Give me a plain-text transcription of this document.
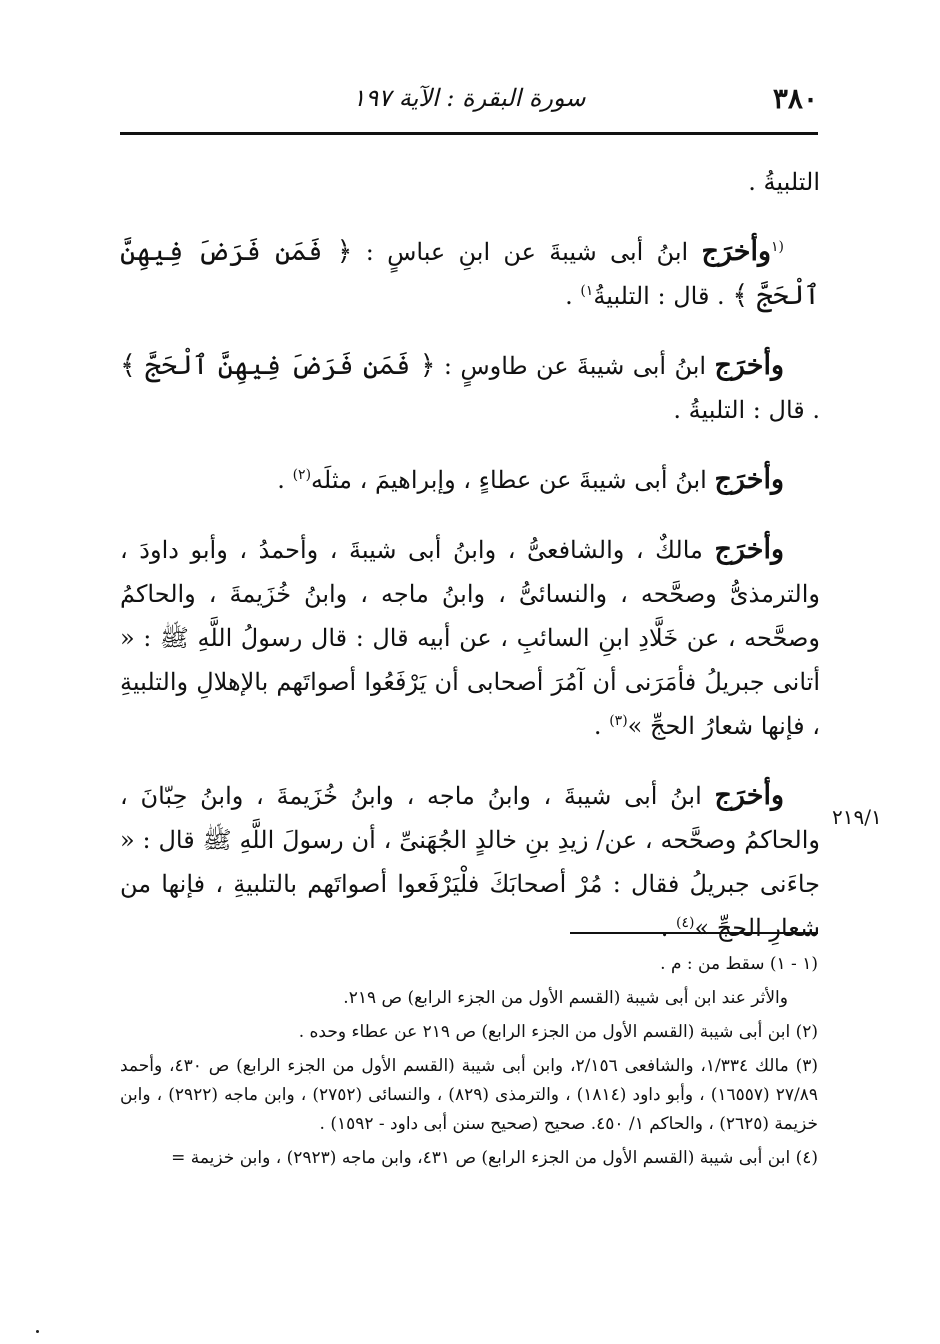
٣٨٠
سورة البقرة : الآية ١٩٧

التلبيةُ .

$^{(١}$وأخرَج ابنُ أبى شيبةَ عن ابنِ عباسٍ : ﴿ فَمَن فَرَضَ فِيهِنَّ ٱلْحَجَّ ﴾ . قال : التلبيةُ$^{١)}$ .

وأخرَج ابنُ أبى شيبةَ عن طاوسٍ : ﴿ فَمَن فَرَضَ فِيهِنَّ ٱلْحَجَّ ﴾ . قال : التلبيةُ .

وأخرَج ابنُ أبى شيبةَ عن عطاءٍ ، وإبراهيمَ ، مثلَه$^{(٢)}$ .

وأخرَج مالكٌ ، والشافعىُّ ، وابنُ أبى شيبةَ ، وأحمدُ ، وأبو داودَ ، والترمذىُّ وصحَّحه ، والنسائىُّ ، وابنُ ماجه ، وابنُ خُزَيمةَ ، والحاكمُ وصحَّحه ، عن خَلَّادِ ابنِ السائبِ ، عن أبيه قال : قال رسولُ اللَّهِ ﷺ : « أتانى جبريلُ فأمَرَنى أن آمُرَ أصحابى أن يَرْفَعُوا أصواتَهم بالإهلالِ والتلبيةِ ، فإنها شعارُ الحجِّ »$^{(٣)}$ .

وأخرَج ابنُ أبى شيبةَ ، وابنُ ماجه ، وابنُ خُزَيمةَ ، وابنُ حِبّانَ ، والحاكمُ وصحَّحه ، عن/ زيدِ بنِ خالدٍ الجُهَنىِّ ، أن رسولَ اللَّهِ ﷺ قال : « جاءَنى جبريلُ فقال : مُرْ أصحابَكَ فلْيَرْفَعوا أصواتَهم بالتلبيةِ ، فإنها من شعارِ الحجِّ »$^{(٤)}$ .

٢١٩/١

(١ - ١) سقط من : م .

والأثر عند ابن أبى شيبة (القسم الأول من الجزء الرابع) ص ٢١٩.

(٢) ابن أبى شيبة (القسم الأول من الجزء الرابع) ص ٢١٩ عن عطاء وحده .

(٣) مالك ١/٣٣٤، والشافعى ٢/١٥٦، وابن أبى شيبة (القسم الأول من الجزء الرابع) ص ٤٣٠، وأحمد ٢٧/٨٩ (١٦٥٥٧) ، وأبو داود (١٨١٤) ، والترمذى (٨٢٩) ، والنسائى (٢٧٥٢) ، وابن ماجه (٢٩٢٢) ، وابن خزيمة (٢٦٢٥) ، والحاكم ١/ ٤٥٠. صحيح (صحيح سنن أبى داود - ١٥٩٢) .

(٤) ابن أبى شيبة (القسم الأول من الجزء الرابع) ص ٤٣١، وابن ماجه (٢٩٢٣) ، وابن خزيمة =
